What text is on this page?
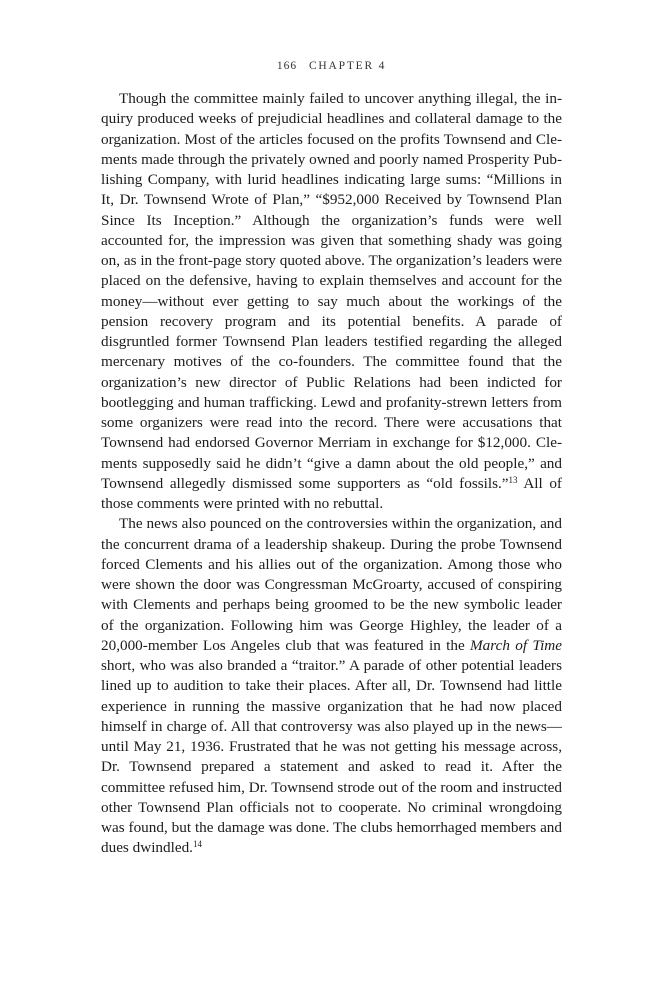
166 CHAPTER 4

Though the committee mainly failed to uncover anything illegal, the inquiry produced weeks of prejudicial headlines and collateral damage to the organization. Most of the articles focused on the profits Townsend and Clements made through the privately owned and poorly named Prosperity Publishing Company, with lurid headlines indicating large sums: “Millions in It, Dr. Townsend Wrote of Plan,” “$952,000 Received by Townsend Plan Since Its Inception.” Although the organization’s funds were well accounted for, the impression was given that something shady was going on, as in the front-page story quoted above. The organization’s leaders were placed on the defensive, having to explain themselves and account for the money—without ever getting to say much about the workings of the pension recovery program and its potential benefits. A parade of disgruntled former Townsend Plan leaders testified regarding the alleged mercenary motives of the co-founders. The committee found that the organization’s new director of Public Relations had been indicted for bootlegging and human trafficking. Lewd and profanity-strewn letters from some organizers were read into the record. There were accusations that Townsend had endorsed Governor Merriam in exchange for $12,000. Clements supposedly said he didn’t “give a damn about the old people,” and Townsend allegedly dismissed some supporters as “old fossils.”$^{13}$ All of those comments were printed with no rebuttal.

The news also pounced on the controversies within the organization, and the concurrent drama of a leadership shakeup. During the probe Townsend forced Clements and his allies out of the organization. Among those who were shown the door was Congressman McGroarty, accused of conspiring with Clements and perhaps being groomed to be the new symbolic leader of the organization. Following him was George Highley, the leader of a 20,000-member Los Angeles club that was featured in the March of Time short, who was also branded a “traitor.” A parade of other potential leaders lined up to audition to take their places. After all, Dr. Townsend had little experience in running the massive organization that he had now placed himself in charge of. All that controversy was also played up in the news—until May 21, 1936. Frustrated that he was not getting his message across, Dr. Townsend prepared a statement and asked to read it. After the committee refused him, Dr. Townsend strode out of the room and instructed other Townsend Plan officials not to cooperate. No criminal wrongdoing was found, but the damage was done. The clubs hemorrhaged members and dues dwindled.$^{14}$
